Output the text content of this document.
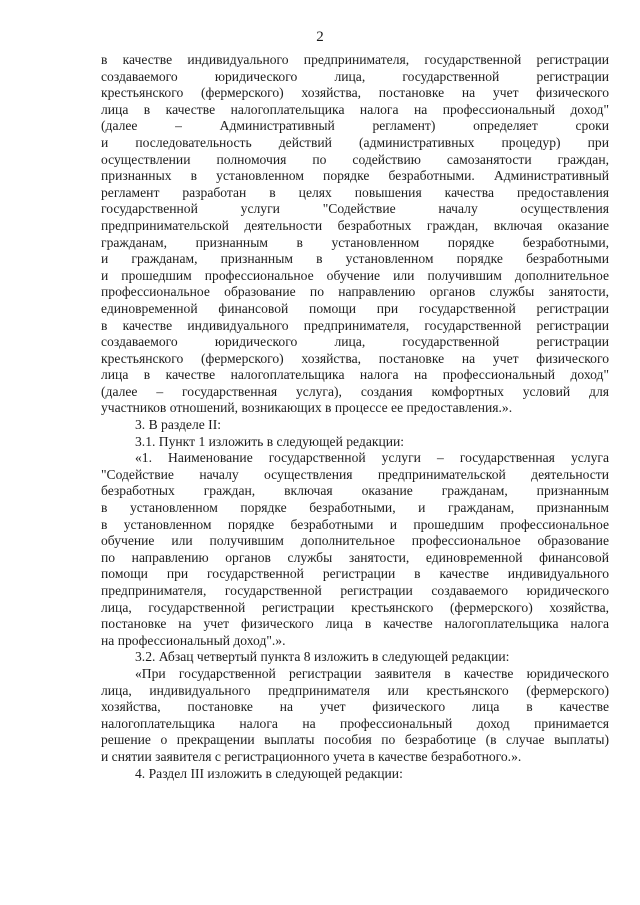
2
в качестве индивидуального предпринимателя, государственной регистрации
создаваемого юридического лица, государственной регистрации
крестьянского (фермерского) хозяйства, постановке на учет физического
лица в качестве налогоплательщика налога на профессиональный доход"
(далее – Административный регламент) определяет сроки
и последовательность действий (административных процедур) при
осуществлении полномочия по содействию самозанятости граждан,
признанных в установленном порядке безработными. Административный
регламент разработан в целях повышения качества предоставления
государственной услуги "Содействие началу осуществления
предпринимательской деятельности безработных граждан, включая оказание
гражданам, признанным в установленном порядке безработными,
и гражданам, признанным в установленном порядке безработными
и прошедшим профессиональное обучение или получившим дополнительное
профессиональное образование по направлению органов службы занятости,
единовременной финансовой помощи при государственной регистрации
в качестве индивидуального предпринимателя, государственной регистрации
создаваемого юридического лица, государственной регистрации
крестьянского (фермерского) хозяйства, постановке на учет физического
лица в качестве налогоплательщика налога на профессиональный доход"
(далее – государственная услуга), создания комфортных условий для
участников отношений, возникающих в процессе ее предоставления.».
3. В разделе II:
3.1. Пункт 1 изложить в следующей редакции:
«1. Наименование государственной услуги – государственная услуга
"Содействие началу осуществления предпринимательской деятельности
безработных граждан, включая оказание гражданам, признанным
в установленном порядке безработными, и гражданам, признанным
в установленном порядке безработными и прошедшим профессиональное
обучение или получившим дополнительное профессиональное образование
по направлению органов службы занятости, единовременной финансовой
помощи при государственной регистрации в качестве индивидуального
предпринимателя, государственной регистрации создаваемого юридического
лица, государственной регистрации крестьянского (фермерского) хозяйства,
постановке на учет физического лица в качестве налогоплательщика налога
на профессиональный доход".».
3.2. Абзац четвертый пункта 8 изложить в следующей редакции:
«При государственной регистрации заявителя в качестве юридического
лица, индивидуального предпринимателя или крестьянского (фермерского)
хозяйства, постановке на учет физического лица в качестве
налогоплательщика налога на профессиональный доход принимается
решение о прекращении выплаты пособия по безработице (в случае выплаты)
и снятии заявителя с регистрационного учета в качестве безработного.».
4. Раздел III изложить в следующей редакции:
